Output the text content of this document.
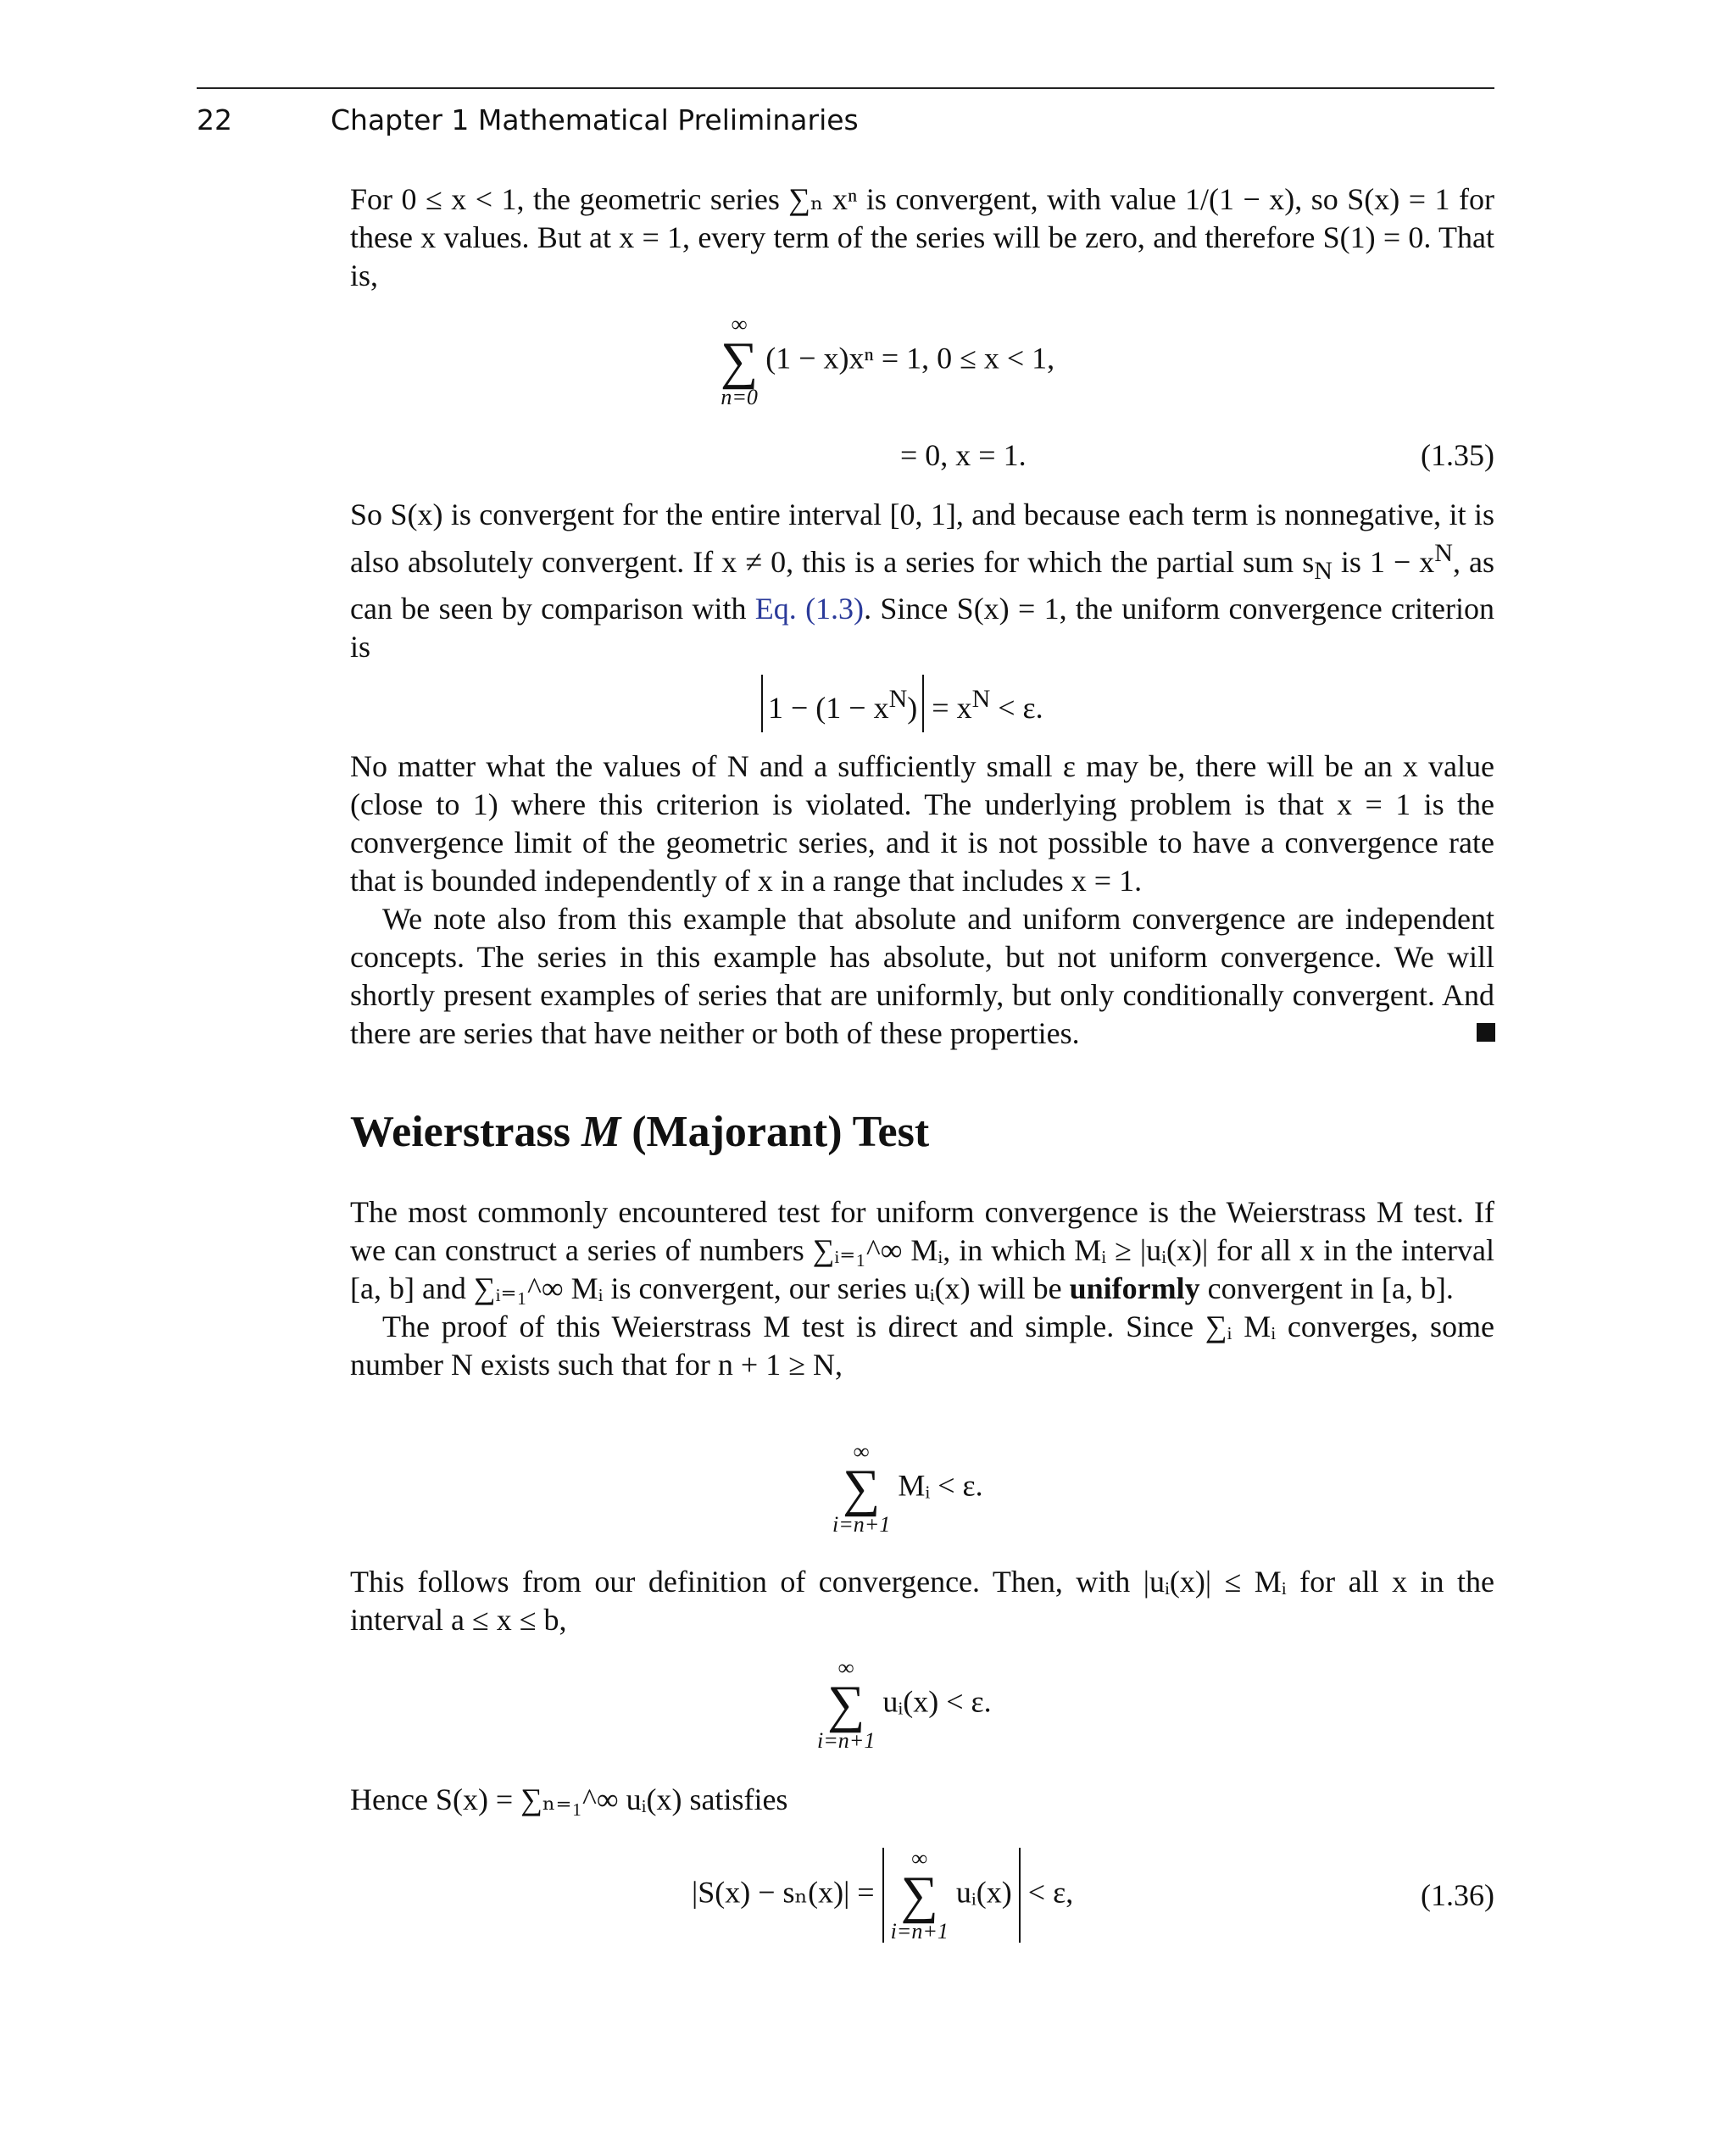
22	Chapter 1 Mathematical Preliminaries

For 0 ≤ x < 1, the geometric series ∑ₙ xⁿ is convergent, with value 1/(1 − x), so S(x) = 1 for these x values. But at x = 1, every term of the series will be zero, and therefore S(1) = 0. That is,

∞
∑
n=0
(1 − x)xⁿ = 1, 0 ≤ x < 1,
= 0, x = 1.	(1.35)

So S(x) is convergent for the entire interval [0, 1], and because each term is nonnegative, it is also absolutely convergent. If x ≠ 0, this is a series for which the partial sum $s_N$ is $1 - x^N$, as can be seen by comparison with Eq. (1.3). Since S(x) = 1, the uniform convergence criterion is

$1 - (1 - x^N) = x^N < \varepsilon$.

No matter what the values of N and a sufficiently small ε may be, there will be an x value (close to 1) where this criterion is violated. The underlying problem is that x = 1 is the convergence limit of the geometric series, and it is not possible to have a convergence rate that is bounded independently of x in a range that includes x = 1.

We note also from this example that absolute and uniform convergence are independent concepts. The series in this example has absolute, but not uniform convergence. We will shortly present examples of series that are uniformly, but only conditionally convergent. And there are series that have neither or both of these properties.

Weierstrass M (Majorant) Test

The most commonly encountered test for uniform convergence is the Weierstrass M test. If we can construct a series of numbers ∑ᵢ₌₁^∞ Mᵢ, in which Mᵢ ≥ |uᵢ(x)| for all x in the interval [a, b] and ∑ᵢ₌₁^∞ Mᵢ is convergent, our series uᵢ(x) will be uniformly convergent in [a, b].

The proof of this Weierstrass M test is direct and simple. Since ∑ᵢ Mᵢ converges, some number N exists such that for n + 1 ≥ N,

∞
∑
i=n+1
Mᵢ < ε.

This follows from our definition of convergence. Then, with |uᵢ(x)| ≤ Mᵢ for all x in the interval a ≤ x ≤ b,

∞
∑
i=n+1
uᵢ(x) < ε.

Hence S(x) = ∑ₙ₌₁^∞ uᵢ(x) satisfies

|S(x) − sₙ(x)| =
∞
∑
i=n+1
uᵢ(x) < ε,	(1.36)
